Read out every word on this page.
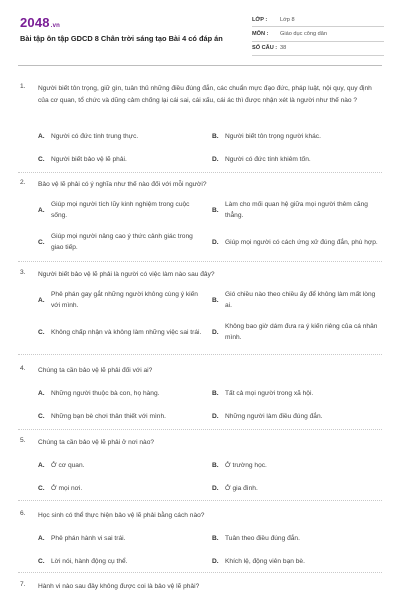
2048.vn
Bài tập ôn tập GDCD 8 Chân trời sáng tạo Bài 4 có đáp án
LỚP :	Lớp 8
MÔN :	Giáo dục công dân
SỐ CÂU : 38
1. Người biết tôn trọng, giữ gìn, tuân thủ những điều đúng đắn, các chuẩn mực đạo đức, pháp luật, nội quy, quy định của cơ quan, tổ chức và dũng cảm chống lại cái sai, cái xấu, cái ác thì được nhận xét là người như thế nào ?
A. Người có đức tính trung thực.	B. Người biết tôn trọng người khác.
C. Người biết bảo vệ lẽ phải.	D. Người có đức tính khiêm tốn.
2. Bảo vệ lẽ phải có ý nghĩa như thế nào đối với mỗi người?
A.
Giúp mọi người tích lũy kinh nghiệm trong cuộc sống.
B.
Làm cho mối quan hệ giữa mọi người thêm căng thẳng.
C.
Giúp mọi người nâng cao ý thức cảnh giác trong giao tiếp.
D. Giúp mọi người có cách ứng xử đúng đắn, phù hợp.
3. Người biết bảo vệ lẽ phải là người có việc làm nào sau đây?
A.
Phê phán gay gắt những người không cùng ý kiến với mình.
B.
Gió chiều nào theo chiều ấy để không làm mất lòng ai.
C. Không chấp nhận và không làm những việc sai trái.	D.
Không bao giờ dám đưa ra ý kiến riêng của cá nhân mình.
4. Chúng ta cần bảo vệ lẽ phải đối với ai?
A. Những người thuộc bà con, họ hàng.	B. Tất cả mọi người trong xã hội.
C. Những bạn bè chơi thân thiết với mình.	D. Những người làm điều đúng đắn.
5. Chúng ta cần bảo vệ lẽ phải ở nơi nào?
A. Ở cơ quan.	B. Ở trường học.
C. Ở mọi nơi.	D. Ở gia đình.
6. Học sinh có thể thực hiện bảo vệ lẽ phải bằng cách nào?
A. Phê phán hành vi sai trái.	B. Tuân theo điều đúng đắn.
C. Lời nói, hành động cụ thể.	D. Khích lệ, động viên bạn bè.
7. Hành vi nào sau đây không được coi là bảo vệ lẽ phải?
